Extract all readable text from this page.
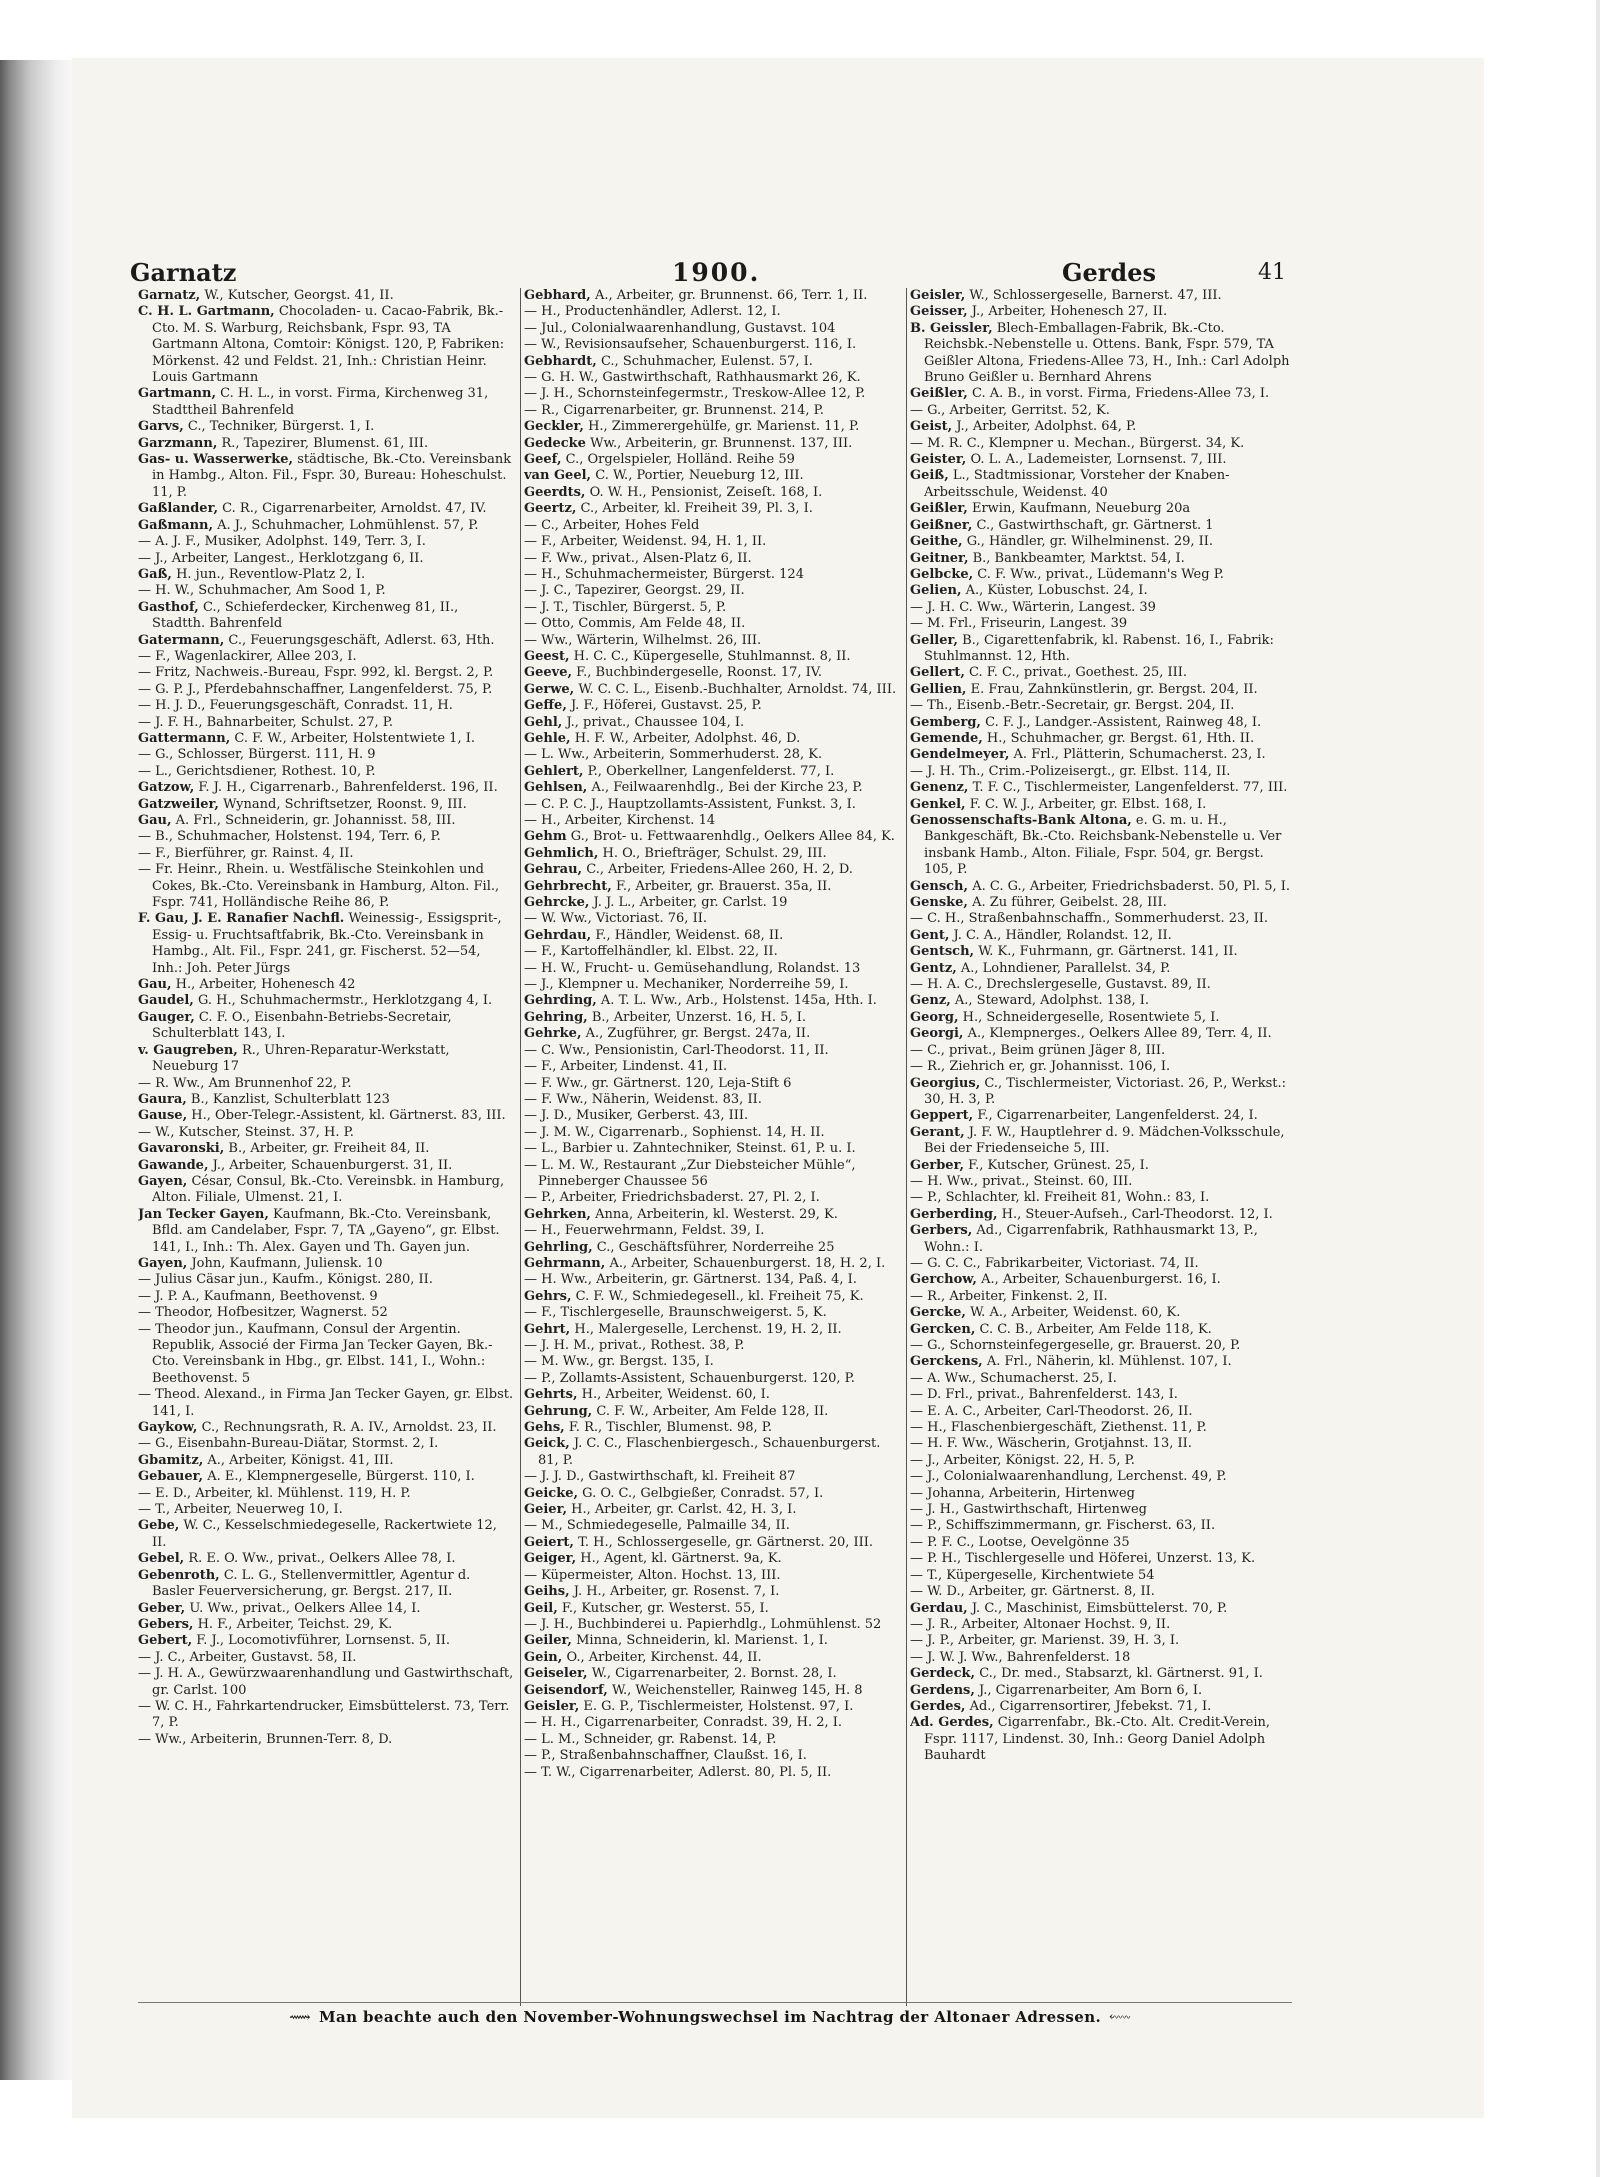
Garnatz	1900.	Gerdes	41

Garnatz, W., Kutscher, Georgst. 41, II.

C. H. L. Gartmann, Chocoladen- u. Cacao-Fabrik, Bk.-Cto. M. S. Warburg, Reichsbank, Fspr. 93, TA Gartmann Altona, Comtoir: Königst. 120, P, Fabriken: Mörkenst. 42 und Feldst. 21, Inh.: Christian Heinr. Louis Gartmann

Gartmann, C. H. L., in vorst. Firma, Kirchenweg 31, Stadttheil Bahrenfeld

Garvs, C., Techniker, Bürgerst. 1, I.

Garzmann, R., Tapezirer, Blumenst. 61, III.

Gas- u. Wasserwerke, städtische, Bk.-Cto. Vereinsbank in Hambg., Alton. Fil., Fspr. 30, Bureau: Hoheschulst. 11, P.

Gaßlander, C. R., Cigarrenarbeiter, Arnoldst. 47, IV.

Gaßmann, A. J., Schuhmacher, Lohmühlenst. 57, P.

— A. J. F., Musiker, Adolphst. 149, Terr. 3, I.

— J., Arbeiter, Langest., Herklotzgang 6, II.

Gaß, H. jun., Reventlow-Platz 2, I.

— H. W., Schuhmacher, Am Sood 1, P.

Gasthof, C., Schieferdecker, Kirchenweg 81, II., Stadtth. Bahrenfeld

Gatermann, C., Feuerungsgeschäft, Adlerst. 63, Hth.

— F., Wagenlackirer, Allee 203, I.

— Fritz, Nachweis.-Bureau, Fspr. 992, kl. Bergst. 2, P.

— G. P. J., Pferdebahnschaffner, Langenfelderst. 75, P.

— H. J. D., Feuerungsgeschäft, Conradst. 11, H.

— J. F. H., Bahnarbeiter, Schulst. 27, P.

Gattermann, C. F. W., Arbeiter, Holstentwiete 1, I.

— G., Schlosser, Bürgerst. 111, H. 9

— L., Gerichtsdiener, Rothest. 10, P.

Gatzow, F. J. H., Cigarrenarb., Bahrenfelderst. 196, II.

Gatzweiler, Wynand, Schriftsetzer, Roonst. 9, III.

Gau, A. Frl., Schneiderin, gr. Johannisst. 58, III.

— B., Schuhmacher, Holstenst. 194, Terr. 6, P.

— F., Bierführer, gr. Rainst. 4, II.

— Fr. Heinr., Rhein. u. Westfälische Steinkohlen und Cokes, Bk.-Cto. Vereinsbank in Hamburg, Alton. Fil., Fspr. 741, Holländische Reihe 86, P.

F. Gau, J. E. Ranafier Nachfl. Weinessig-, Essigsprit-, Essig- u. Fruchtsaftfabrik, Bk.-Cto. Vereinsbank in Hambg., Alt. Fil., Fspr. 241, gr. Fischerst. 52—54, Inh.: Joh. Peter Jürgs

Gau, H., Arbeiter, Hohenesch 42

Gaudel, G. H., Schuhmachermstr., Herklotzgang 4, I.

Gauger, C. F. O., Eisenbahn-Betriebs-Secretair, Schulterblatt 143, I.

v. Gaugreben, R., Uhren-Reparatur-Werkstatt, Neueburg 17

— R. Ww., Am Brunnenhof 22, P.

Gaura, B., Kanzlist, Schulterblatt 123

Gause, H., Ober-Telegr.-Assistent, kl. Gärtnerst. 83, III.

— W., Kutscher, Steinst. 37, H. P.

Gavaronski, B., Arbeiter, gr. Freiheit 84, II.

Gawande, J., Arbeiter, Schauenburgerst. 31, II.

Gayen, César, Consul, Bk.-Cto. Vereinsbk. in Hamburg, Alton. Filiale, Ulmenst. 21, I.

Jan Tecker Gayen, Kaufmann, Bk.-Cto. Vereinsbank, Bfld. am Candelaber, Fspr. 7, TA „Gayeno“, gr. Elbst. 141, I., Inh.: Th. Alex. Gayen und Th. Gayen jun.

Gayen, John, Kaufmann, Juliensk. 10

— Julius Cäsar jun., Kaufm., Königst. 280, II.

— J. P. A., Kaufmann, Beethovenst. 9

— Theodor, Hofbesitzer, Wagnerst. 52

— Theodor jun., Kaufmann, Consul der Argentin. Republik, Associé der Firma Jan Tecker Gayen, Bk.-Cto. Vereinsbank in Hbg., gr. Elbst. 141, I., Wohn.: Beethovenst. 5

— Theod. Alexand., in Firma Jan Tecker Gayen, gr. Elbst. 141, I.

Gaykow, C., Rechnungsrath, R. A. IV., Arnoldst. 23, II.

— G., Eisenbahn-Bureau-Diätar, Stormst. 2, I.

Gbamitz, A., Arbeiter, Königst. 41, III.

Gebauer, A. E., Klempnergeselle, Bürgerst. 110, I.

— E. D., Arbeiter, kl. Mühlenst. 119, H. P.

— T., Arbeiter, Neuerweg 10, I.

Gebe, W. C., Kesselschmiedegeselle, Rackertwiete 12, II.

Gebel, R. E. O. Ww., privat., Oelkers Allee 78, I.

Gebenroth, C. L. G., Stellenvermittler, Agentur d. Basler Feuerversicherung, gr. Bergst. 217, II.

Geber, U. Ww., privat., Oelkers Allee 14, I.

Gebers, H. F., Arbeiter, Teichst. 29, K.

Gebert, F. J., Locomotivführer, Lornsenst. 5, II.

— J. C., Arbeiter, Gustavst. 58, II.

— J. H. A., Gewürzwaarenhandlung und Gastwirthschaft, gr. Carlst. 100

— W. C. H., Fahrkartendrucker, Eimsbüttelerst. 73, Terr. 7, P.

— Ww., Arbeiterin, Brunnen-Terr. 8, D.

Gebhard, A., Arbeiter, gr. Brunnenst. 66, Terr. 1, II.

— H., Productenhändler, Adlerst. 12, I.

— Jul., Colonialwaarenhandlung, Gustavst. 104

— W., Revisionsaufseher, Schauenburgerst. 116, I.

Gebhardt, C., Schuhmacher, Eulenst. 57, I.

— G. H. W., Gastwirthschaft, Rathhausmarkt 26, K.

— J. H., Schornsteinfegermstr., Treskow-Allee 12, P.

— R., Cigarrenarbeiter, gr. Brunnenst. 214, P.

Geckler, H., Zimmerergehülfe, gr. Marienst. 11, P.

Gedecke Ww., Arbeiterin, gr. Brunnenst. 137, III.

Geef, C., Orgelspieler, Holländ. Reihe 59

van Geel, C. W., Portier, Neueburg 12, III.

Geerdts, O. W. H., Pensionist, Zeiseſt. 168, I.

Geertz, C., Arbeiter, kl. Freiheit 39, Pl. 3, I.

— C., Arbeiter, Hohes Feld

— F., Arbeiter, Weidenst. 94, H. 1, II.

— F. Ww., privat., Alsen-Platz 6, II.

— H., Schuhmachermeister, Bürgerst. 124

— J. C., Tapezirer, Georgst. 29, II.

— J. T., Tischler, Bürgerst. 5, P.

— Otto, Commis, Am Felde 48, II.

— Ww., Wärterin, Wilhelmst. 26, III.

Geest, H. C. C., Küpergeselle, Stuhlmannst. 8, II.

Geeve, F., Buchbindergeselle, Roonst. 17, IV.

Gerwe, W. C. C. L., Eisenb.-Buchhalter, Arnoldst. 74, III.

Geffe, J. F., Höferei, Gustavst. 25, P.

Gehl, J., privat., Chaussee 104, I.

Gehle, H. F. W., Arbeiter, Adolphst. 46, D.

— L. Ww., Arbeiterin, Sommerhuderst. 28, K.

Gehlert, P., Oberkellner, Langenfelderst. 77, I.

Gehlsen, A., Feilwaarenhdlg., Bei der Kirche 23, P.

— C. P. C. J., Hauptzollamts-Assistent, Funkst. 3, I.

— H., Arbeiter, Kirchenst. 14

Gehm G., Brot- u. Fettwaarenhdlg., Oelkers Allee 84, K.

Gehmlich, H. O., Briefträger, Schulst. 29, III.

Gehrau, C., Arbeiter, Friedens-Allee 260, H. 2, D.

Gehrbrecht, F., Arbeiter, gr. Brauerst. 35a, II.

Gehrcke, J. J. L., Arbeiter, gr. Carlst. 19

— W. Ww., Victoriast. 76, II.

Gehrdau, F., Händler, Weidenst. 68, II.

— F., Kartoffelhändler, kl. Elbst. 22, II.

— H. W., Frucht- u. Gemüsehandlung, Rolandst. 13

— J., Klempner u. Mechaniker, Norderreihe 59, I.

Gehrding, A. T. L. Ww., Arb., Holstenst. 145a, Hth. I.

Gehring, B., Arbeiter, Unzerst. 16, H. 5, I.

Gehrke, A., Zugführer, gr. Bergst. 247a, II.

— C. Ww., Pensionistin, Carl-Theodorst. 11, II.

— F., Arbeiter, Lindenst. 41, II.

— F. Ww., gr. Gärtnerst. 120, Leja-Stift 6

— F. Ww., Näherin, Weidenst. 83, II.

— J. D., Musiker, Gerberst. 43, III.

— J. M. W., Cigarrenarb., Sophienst. 14, H. II.

— L., Barbier u. Zahntechniker, Steinst. 61, P. u. I.

— L. M. W., Restaurant „Zur Diebsteicher Mühle“, Pinneberger Chaussee 56

— P., Arbeiter, Friedrichsbaderst. 27, Pl. 2, I.

Gehrken, Anna, Arbeiterin, kl. Westerst. 29, K.

— H., Feuerwehrmann, Feldst. 39, I.

Gehrling, C., Geschäftsführer, Norderreihe 25

Gehrmann, A., Arbeiter, Schauenburgerst. 18, H. 2, I.

— H. Ww., Arbeiterin, gr. Gärtnerst. 134, Paß. 4, I.

Gehrs, C. F. W., Schmiedegesell., kl. Freiheit 75, K.

— F., Tischlergeselle, Braunschweigerst. 5, K.

Gehrt, H., Malergeselle, Lerchenst. 19, H. 2, II.

— J. H. M., privat., Rothest. 38, P.

— M. Ww., gr. Bergst. 135, I.

— P., Zollamts-Assistent, Schauenburgerst. 120, P.

Gehrts, H., Arbeiter, Weidenst. 60, I.

Gehrung, C. F. W., Arbeiter, Am Felde 128, II.

Gehs, F. R., Tischler, Blumenst. 98, P.

Geick, J. C. C., Flaschenbiergesch., Schauenburgerst. 81, P.

— J. J. D., Gastwirthschaft, kl. Freiheit 87

Geicke, G. O. C., Gelbgießer, Conradst. 57, I.

Geier, H., Arbeiter, gr. Carlst. 42, H. 3, I.

— M., Schmiedegeselle, Palmaille 34, II.

Geiert, T. H., Schlossergeselle, gr. Gärtnerst. 20, III.

Geiger, H., Agent, kl. Gärtnerst. 9a, K.

— Küpermeister, Alton. Hochst. 13, III.

Geihs, J. H., Arbeiter, gr. Rosenst. 7, I.

Geil, F., Kutscher, gr. Westerst. 55, I.

— J. H., Buchbinderei u. Papierhdlg., Lohmühlenst. 52

Geiler, Minna, Schneiderin, kl. Marienst. 1, I.

Gein, O., Arbeiter, Kirchenst. 44, II.

Geiseler, W., Cigarrenarbeiter, 2. Bornst. 28, I.

Geisendorf, W., Weichensteller, Rainweg 145, H. 8

Geisler, E. G. P., Tischlermeister, Holstenst. 97, I.

— H. H., Cigarrenarbeiter, Conradst. 39, H. 2, I.

— L. M., Schneider, gr. Rabenst. 14, P.

— P., Straßenbahnschaffner, Claußst. 16, I.

— T. W., Cigarrenarbeiter, Adlerst. 80, Pl. 5, II.

Geisler, W., Schlossergeselle, Barnerst. 47, III.

Geisser, J., Arbeiter, Hohenesch 27, II.

B. Geissler, Blech-Emballagen-Fabrik, Bk.-Cto. Reichsbk.-Nebenstelle u. Ottens. Bank, Fspr. 579, TA Geißler Altona, Friedens-Allee 73, H., Inh.: Carl Adolph Bruno Geißler u. Bernhard Ahrens

Geißler, C. A. B., in vorst. Firma, Friedens-Allee 73, I.

— G., Arbeiter, Gerritst. 52, K.

Geist, J., Arbeiter, Adolphst. 64, P.

— M. R. C., Klempner u. Mechan., Bürgerst. 34, K.

Geister, O. L. A., Lademeister, Lornsenst. 7, III.

Geiß, L., Stadtmissionar, Vorsteher der Knaben-Arbeitsschule, Weidenst. 40

Geißler, Erwin, Kaufmann, Neueburg 20a

Geißner, C., Gastwirthschaft, gr. Gärtnerst. 1

Geithe, G., Händler, gr. Wilhelminenst. 29, II.

Geitner, B., Bankbeamter, Marktst. 54, I.

Gelbcke, C. F. Ww., privat., Lüdemann's Weg P.

Gelien, A., Küster, Lobuschst. 24, I.

— J. H. C. Ww., Wärterin, Langest. 39

— M. Frl., Friseurin, Langest. 39

Geller, B., Cigarettenfabrik, kl. Rabenst. 16, I., Fabrik: Stuhlmannst. 12, Hth.

Gellert, C. F. C., privat., Goethest. 25, III.

Gellien, E. Frau, Zahnkünstlerin, gr. Bergst. 204, II.

— Th., Eisenb.-Betr.-Secretair, gr. Bergst. 204, II.

Gemberg, C. F. J., Landger.-Assistent, Rainweg 48, I.

Gemende, H., Schuhmacher, gr. Bergst. 61, Hth. II.

Gendelmeyer, A. Frl., Plätterin, Schumacherst. 23, I.

— J. H. Th., Crim.-Polizeisergt., gr. Elbst. 114, II.

Genenz, T. F. C., Tischlermeister, Langenfelderst. 77, III.

Genkel, F. C. W. J., Arbeiter, gr. Elbst. 168, I.

Genossenschafts-Bank Altona, e. G. m. u. H., Bankgeschäft, Bk.-Cto. Reichsbank-Nebenstelle u. Ver insbank Hamb., Alton. Filiale, Fspr. 504, gr. Bergst. 105, P.

Gensch, A. C. G., Arbeiter, Friedrichsbaderst. 50, Pl. 5, I.

Genske, A. Zu führer, Geibelst. 28, III.

— C. H., Straßenbahnschaffn., Sommerhuderst. 23, II.

Gent, J. C. A., Händler, Rolandst. 12, II.

Gentsch, W. K., Fuhrmann, gr. Gärtnerst. 141, II.

Gentz, A., Lohndiener, Parallelst. 34, P.

— H. A. C., Drechslergeselle, Gustavst. 89, II.

Genz, A., Steward, Adolphst. 138, I.

Georg, H., Schneidergeselle, Rosentwiete 5, I.

Georgi, A., Klempnerges., Oelkers Allee 89, Terr. 4, II.

— C., privat., Beim grünen Jäger 8, III.

— R., Ziehrich er, gr. Johannisst. 106, I.

Georgius, C., Tischlermeister, Victoriast. 26, P., Werkst.: 30, H. 3, P.

Geppert, F., Cigarrenarbeiter, Langenfelderst. 24, I.

Gerant, J. F. W., Hauptlehrer d. 9. Mädchen-Volksschule, Bei der Friedenseiche 5, III.

Gerber, F., Kutscher, Grünest. 25, I.

— H. Ww., privat., Steinst. 60, III.

— P., Schlachter, kl. Freiheit 81, Wohn.: 83, I.

Gerberding, H., Steuer-Aufseh., Carl-Theodorst. 12, I.

Gerbers, Ad., Cigarrenfabrik, Rathhausmarkt 13, P., Wohn.: I.

— G. C. C., Fabrikarbeiter, Victoriast. 74, II.

Gerchow, A., Arbeiter, Schauenburgerst. 16, I.

— R., Arbeiter, Finkenst. 2, II.

Gercke, W. A., Arbeiter, Weidenst. 60, K.

Gercken, C. C. B., Arbeiter, Am Felde 118, K.

— G., Schornsteinfegergeselle, gr. Brauerst. 20, P.

Gerckens, A. Frl., Näherin, kl. Mühlenst. 107, I.

— A. Ww., Schumacherst. 25, I.

— D. Frl., privat., Bahrenfelderst. 143, I.

— E. A. C., Arbeiter, Carl-Theodorst. 26, II.

— H., Flaschenbiergeschäft, Ziethenst. 11, P.

— H. F. Ww., Wäscherin, Grotjahnst. 13, II.

— J., Arbeiter, Königst. 22, H. 5, P.

— J., Colonialwaarenhandlung, Lerchenst. 49, P.

— Johanna, Arbeiterin, Hirtenweg

— J. H., Gastwirthschaft, Hirtenweg

— P., Schiffszimmermann, gr. Fischerst. 63, II.

— P. F. C., Lootse, Oevelgönne 35

— P. H., Tischlergeselle und Höferei, Unzerst. 13, K.

— T., Küpergeselle, Kirchentwiete 54

— W. D., Arbeiter, gr. Gärtnerst. 8, II.

Gerdau, J. C., Maschinist, Eimsbüttelerst. 70, P.

— J. R., Arbeiter, Altonaer Hochst. 9, II.

— J. P., Arbeiter, gr. Marienst. 39, H. 3, I.

— J. W. J. Ww., Bahrenfelderst. 18

Gerdeck, C., Dr. med., Stabsarzt, kl. Gärtnerst. 91, I.

Gerdens, J., Cigarrenarbeiter, Am Born 6, I.

Gerdes, Ad., Cigarrensortirer, Jfebekst. 71, I.

Ad. Gerdes, Cigarrenfabr., Bk.-Cto. Alt. Credit-Verein, Fspr. 1117, Lindenst. 30, Inh.: Georg Daniel Adolph Bauhardt

⟿ Man beachte auch den November-Wohnungswechsel im Nachtrag der Altonaer Adressen. ⬳
